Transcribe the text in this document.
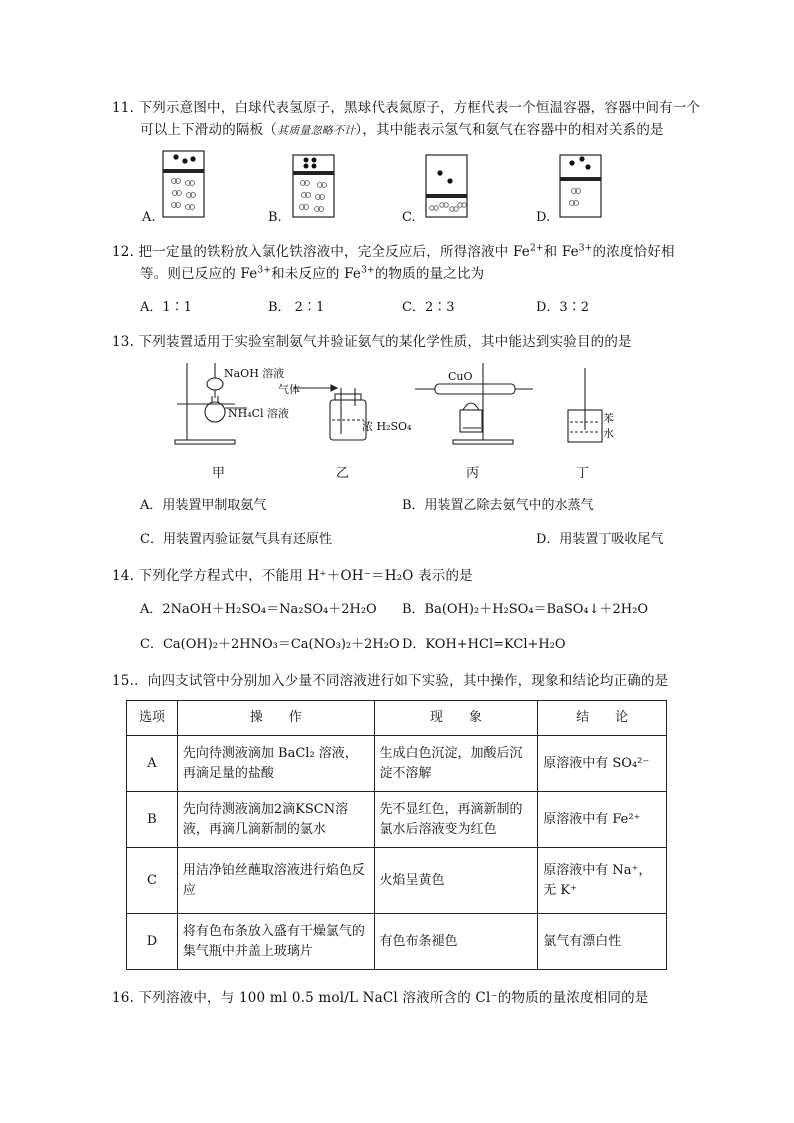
11. 下列示意图中，白球代表氢原子，黑球代表氮原子，方框代表一个恒温容器，容器中间有一个
可以上下滑动的隔板（其质量忽略不计），其中能表示氢气和氨气在容器中的相对关系的是
A.	B.	C.	D.
12. 把一定量的铁粉放入氯化铁溶液中，完全反应后，所得溶液中 $Fe^{2+}$和 $Fe^{3+}$的浓度恰好相
等。则已反应的 $Fe^{3+}$和未反应的 $Fe^{3+}$的物质的量之比为
A．1∶1	B． 2∶1	C．2∶3	D．3∶2
13. 下列装置适用于实验室制氨气并验证氨气的某化学性质，其中能达到实验目的的是
NaOH 溶液
NH₄Cl 溶液
气体
浓 H₂SO₄
CuO
苯
水
甲	乙	丙	丁
A．用装置甲制取氨气	B．用装置乙除去氨气中的水蒸气
C．用装置丙验证氨气具有还原性	D．用装置丁吸收尾气
14. 下列化学方程式中，不能用 H⁺＋OH⁻＝H₂O 表示的是
A．2NaOH＋H₂SO₄＝Na₂SO₄＋2H₂O B．Ba(OH)₂＋H₂SO₄＝BaSO₄↓＋2H₂O
C．Ca(OH)₂＋2HNO₃＝Ca(NO₃)₂＋2H₂O D．KOH+HCl=KCl+H₂O
15.．向四支试管中分别加入少量不同溶液进行如下实验，其中操作，现象和结论均正确的是
选项	操　　作	现　　象	结　　论
A	先向待测液滴加 BaCl₂ 溶液，再滴足量的盐酸	生成白色沉淀，加酸后沉淀不溶解	原溶液中有 SO₄²⁻
B	先向待测液滴加2滴KSCN溶液，再滴几滴新制的氯水	先不显红色，再滴新制的氯水后溶液变为红色	原溶液中有 Fe²⁺
C	用洁净铂丝蘸取溶液进行焰色反应	火焰呈黄色	原溶液中有 Na⁺，无 K⁺
D	将有色布条放入盛有干燥氯气的集气瓶中并盖上玻璃片	有色布条褪色	氯气有漂白性
16. 下列溶液中，与 100 ml 0.5 mol/L NaCl 溶液所含的 Cl⁻的物质的量浓度相同的是
